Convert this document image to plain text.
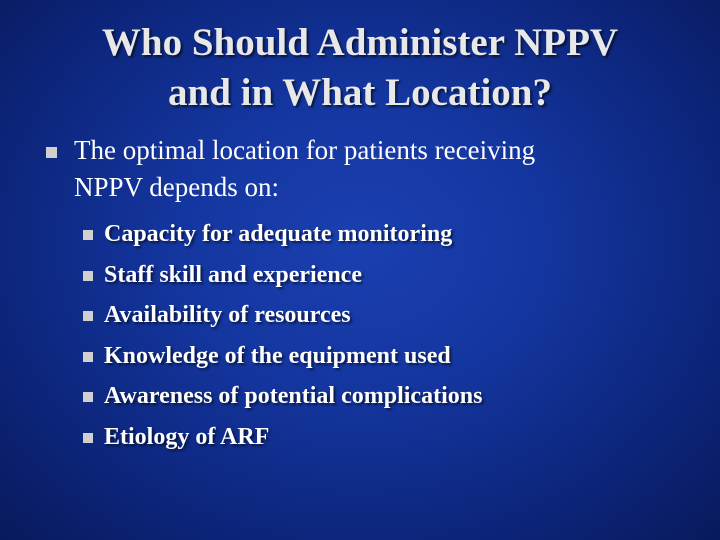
Who Should Administer NPPV
and in What Location?
The optimal location for patients receiving
NPPV depends on:
Capacity for adequate monitoring
Staff skill and experience
Availability of resources
Knowledge of the equipment used
Awareness of potential complications
Etiology of ARF
